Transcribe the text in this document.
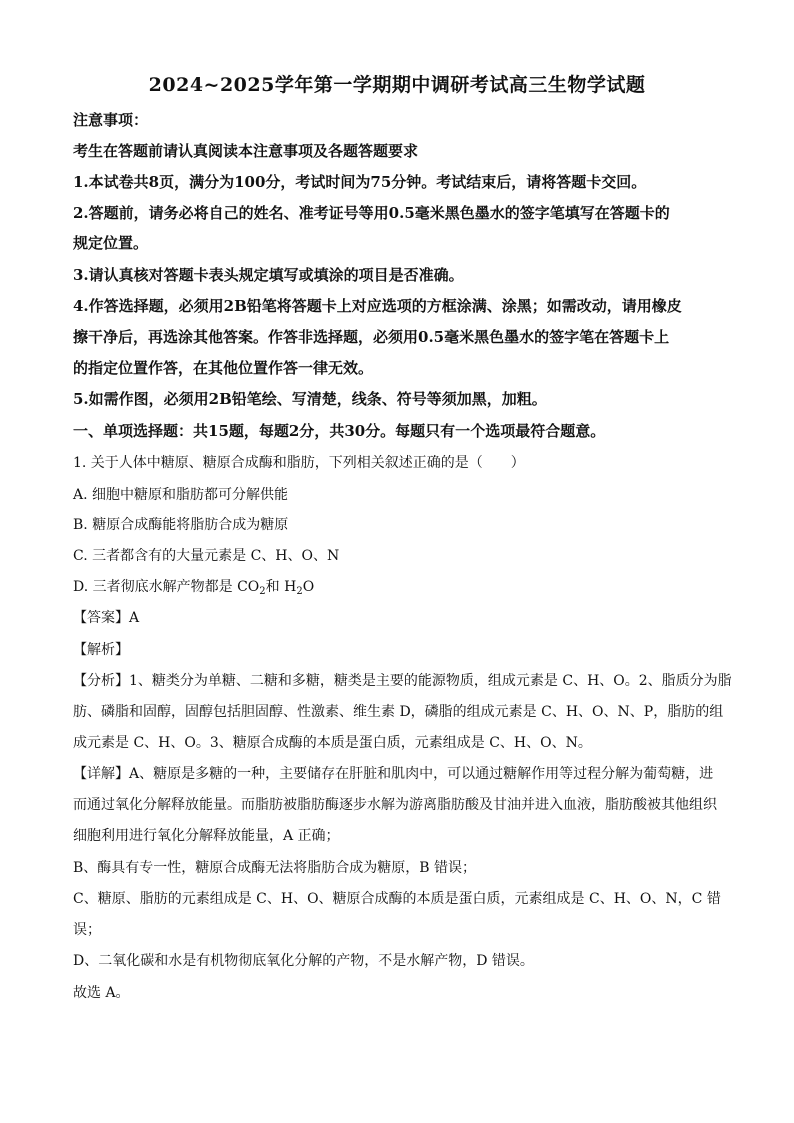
2024~2025学年第一学期期中调研考试高三生物学试题
注意事项：
考生在答题前请认真阅读本注意事项及各题答题要求
1.本试卷共8页，满分为100分，考试时间为75分钟。考试结束后，请将答题卡交回。
2.答题前，请务必将自己的姓名、准考证号等用0.5毫米黑色墨水的签字笔填写在答题卡的
规定位置。
3.请认真核对答题卡表头规定填写或填涂的项目是否准确。
4.作答选择题，必须用2B铅笔将答题卡上对应选项的方框涂满、涂黑；如需改动，请用橡皮
擦干净后，再选涂其他答案。作答非选择题，必须用0.5毫米黑色墨水的签字笔在答题卡上
的指定位置作答，在其他位置作答一律无效。
5.如需作图，必须用2B铅笔绘、写清楚，线条、符号等须加黑，加粗。
一、单项选择题：共15题，每题2分，共30分。每题只有一个选项最符合题意。
1. 关于人体中糖原、糖原合成酶和脂肪，下列相关叙述正确的是（　　）
A. 细胞中糖原和脂肪都可分解供能
B. 糖原合成酶能将脂肪合成为糖原
C. 三者都含有的大量元素是 C、H、O、N
D. 三者彻底水解产物都是 $CO_2$和 $H_2O$
【答案】A
【解析】
【分析】1、糖类分为单糖、二糖和多糖，糖类是主要的能源物质，组成元素是 C、H、O。2、脂质分为脂
肪、磷脂和固醇，固醇包括胆固醇、性激素、维生素 D，磷脂的组成元素是 C、H、O、N、P，脂肪的组
成元素是 C、H、O。3、糖原合成酶的本质是蛋白质，元素组成是 C、H、O、N。
【详解】A、糖原是多糖的一种，主要储存在肝脏和肌肉中，可以通过糖解作用等过程分解为葡萄糖，进
而通过氧化分解释放能量。而脂肪被脂肪酶逐步水解为游离脂肪酸及甘油并进入血液，脂肪酸被其他组织
细胞利用进行氧化分解释放能量，A 正确；
B、酶具有专一性，糖原合成酶无法将脂肪合成为糖原，B 错误；
C、糖原、脂肪的元素组成是 C、H、O、糖原合成酶的本质是蛋白质，元素组成是 C、H、O、N，C 错
误；
D、二氧化碳和水是有机物彻底氧化分解的产物，不是水解产物，D 错误。
故选 A。
